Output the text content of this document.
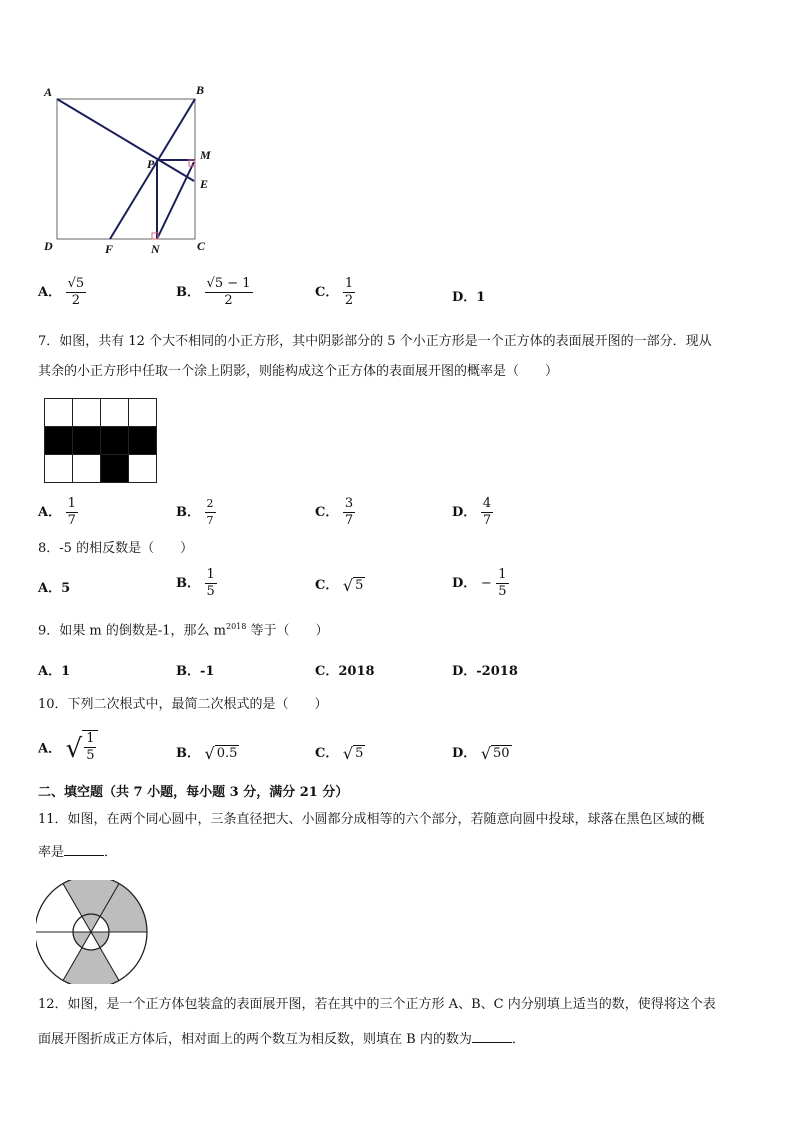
A	B
C
D
P
M
E
F	N
A． $\frac{√5}{2}$	B． $\frac{√5 - 1}{2}$	C． $\frac{1}{2}$	D．1
7．如图，共有 12 个大不相同的小正方形，其中阴影部分的 5 个小正方形是一个正方体的表面展开图的一部分．现从
其余的小正方形中任取一个涂上阴影，则能构成这个正方体的表面展开图的概率是（　　）

A． $\frac{1}{7}$	B． $\frac{2}{7}$	C． $\frac{3}{7}$	D． $\frac{4}{7}$
8．-5 的相反数是（　　）
A．5	B． $\frac{1}{5}$	C． √ 5	D． − $\frac{1}{5}$
9．如果 m 的倒数是-1，那么 $m^{2018}$ 等于（　　）
A．1	B．-1	C．2018	D．-2018
10．下列二次根式中，最简二次根式的是（　　）
A． √ $\frac{1}{5}$	B． √ 0.5	C． √ 5	D． √ 50
二、填空题（共 7 小题，每小题 3 分，满分 21 分）
11．如图，在两个同心圆中，三条直径把大、小圆都分成相等的六个部分，若随意向圆中投球，球落在黑色区域的概
率是	．
12．如图，是一个正方体包装盒的表面展开图，若在其中的三个正方形 A、B、C 内分别填上适当的数，使得将这个表
面展开图折成正方体后，相对面上的两个数互为相反数，则填在 B 内的数为	．
